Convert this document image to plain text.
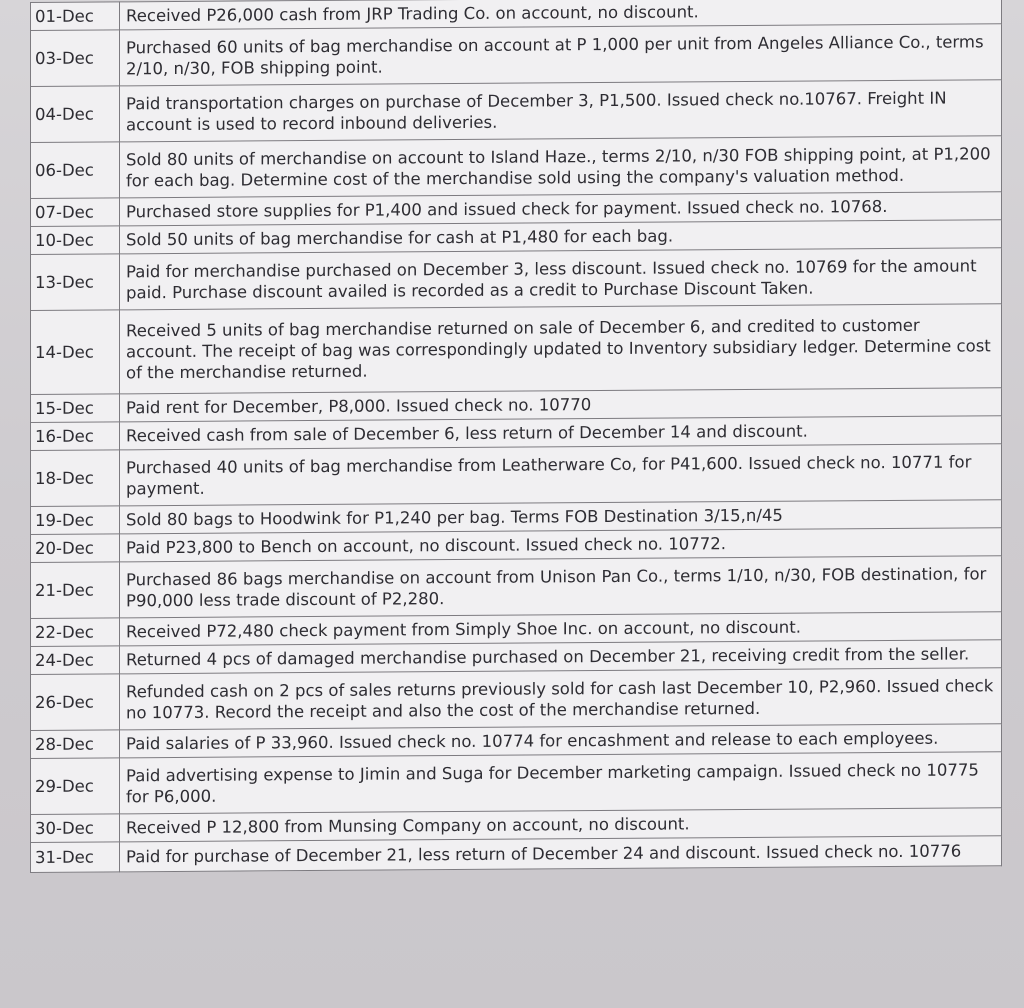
01-Dec	Received P26,000 cash from JRP Trading Co. on account, no discount.
03-Dec	Purchased 60 units of bag merchandise on account at P 1,000 per unit from Angeles Alliance Co., terms 2/10, n/30, FOB shipping point.
04-Dec	Paid transportation charges on purchase of December 3, P1,500. Issued check no.10767. Freight IN account is used to record inbound deliveries.
06-Dec	Sold 80 units of merchandise on account to Island Haze., terms 2/10, n/30 FOB shipping point, at P1,200 for each bag. Determine cost of the merchandise sold using the company's valuation method.
07-Dec	Purchased store supplies for P1,400 and issued check for payment. Issued check no. 10768.
10-Dec	Sold 50 units of bag merchandise for cash at P1,480 for each bag.
13-Dec	Paid for merchandise purchased on December 3, less discount. Issued check no. 10769 for the amount paid. Purchase discount availed is recorded as a credit to Purchase Discount Taken.
14-Dec	Received 5 units of bag merchandise returned on sale of December 6, and credited to customer account. The receipt of bag was correspondingly updated to Inventory subsidiary ledger. Determine cost of the merchandise returned.
15-Dec	Paid rent for December, P8,000. Issued check no. 10770
16-Dec	Received cash from sale of December 6, less return of December 14 and discount.
18-Dec	Purchased 40 units of bag merchandise from Leatherware Co, for P41,600. Issued check no. 10771 for payment.
19-Dec	Sold 80 bags to Hoodwink for P1,240 per bag. Terms FOB Destination 3/15,n/45
20-Dec	Paid P23,800 to Bench on account, no discount. Issued check no. 10772.
21-Dec	Purchased 86 bags merchandise on account from Unison Pan Co., terms 1/10, n/30, FOB destination, for P90,000 less trade discount of P2,280.
22-Dec	Received P72,480 check payment from Simply Shoe Inc. on account, no discount.
24-Dec	Returned 4 pcs of damaged merchandise purchased on December 21, receiving credit from the seller.
26-Dec	Refunded cash on 2 pcs of sales returns previously sold for cash last December 10, P2,960. Issued check no 10773. Record the receipt and also the cost of the merchandise returned.
28-Dec	Paid salaries of P 33,960. Issued check no. 10774 for encashment and release to each employees.
29-Dec	Paid advertising expense to Jimin and Suga for December marketing campaign. Issued check no 10775 for P6,000.
30-Dec	Received P 12,800 from Munsing Company on account, no discount.
31-Dec	Paid for purchase of December 21, less return of December 24 and discount. Issued check no. 10776
